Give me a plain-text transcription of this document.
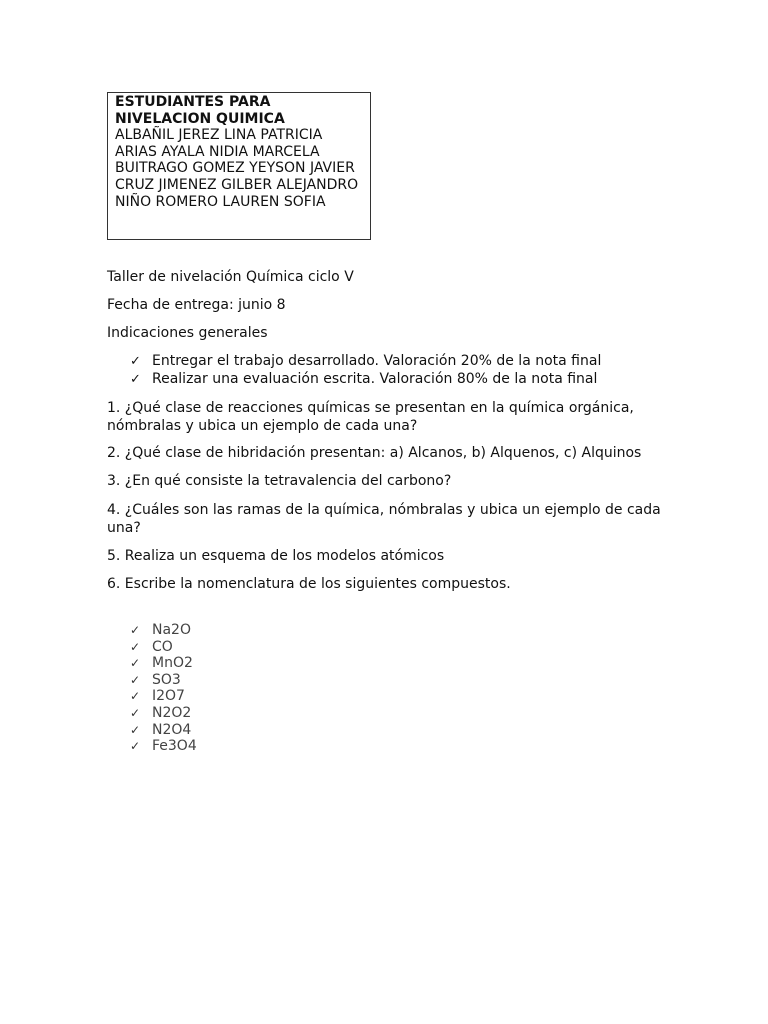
ESTUDIANTES PARA
NIVELACION QUIMICA
ALBAÑIL JEREZ LINA PATRICIA
ARIAS AYALA NIDIA MARCELA
BUITRAGO GOMEZ YEYSON JAVIER
CRUZ JIMENEZ GILBER ALEJANDRO
NIÑO ROMERO LAUREN SOFIA
Taller de nivelación Química ciclo V
Fecha de entrega: junio 8
Indicaciones generales
✓ Entregar el trabajo desarrollado. Valoración 20% de la nota final
✓ Realizar una evaluación escrita. Valoración 80% de la nota final
1. ¿Qué clase de reacciones químicas se presentan en la química orgánica, nómbralas y ubica un ejemplo de cada una?
2. ¿Qué clase de hibridación presentan: a) Alcanos, b) Alquenos, c) Alquinos
3. ¿En qué consiste la tetravalencia del carbono?
4. ¿Cuáles son las ramas de la química, nómbralas y ubica un ejemplo de cada una?
5. Realiza un esquema de los modelos atómicos
6. Escribe la nomenclatura de los siguientes compuestos.
✓ Na2O
✓ CO
✓ MnO2
✓ SO3
✓ I2O7
✓ N2O2
✓ N2O4
✓ Fe3O4
